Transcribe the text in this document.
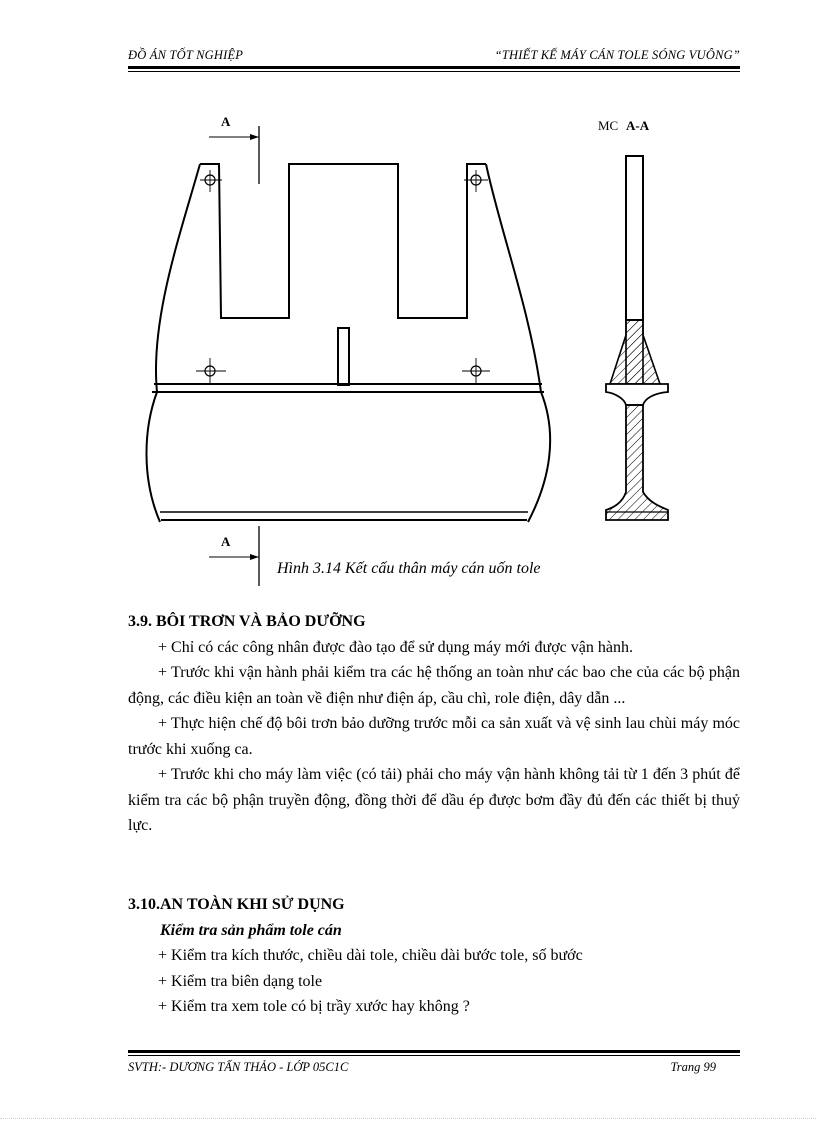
ĐỒ ÁN TỐT NGHIỆP	“THIẾT KẾ MÁY CÁN TOLE SÓNG VUÔNG”
A
A
MC A-A
Hình 3.14 Kết cấu thân máy cán uốn tole
3.9. BÔI TRƠN VÀ BẢO DƯỠNG
+ Chỉ có các công nhân được đào tạo để sử dụng máy mới được vận hành.
+ Trước khi vận hành phải kiểm tra các hệ thống an toàn như các bao che của các bộ phận động, các điều kiện an toàn về điện như điện áp, cầu chì, role điện, dây dẫn ...
+ Thực hiện chế độ bôi trơn bảo dưỡng trước mỗi ca sản xuất và vệ sinh lau chùi máy móc trước khi xuống ca.
+ Trước khi cho máy làm việc (có tải) phải cho máy vận hành không tải từ 1 đến 3 phút để kiểm tra các bộ phận truyền động, đồng thời để dầu ép được bơm đầy đủ đến các thiết bị thuỷ lực.
3.10.AN TOÀN KHI SỬ DỤNG
Kiểm tra sản phẩm tole cán
+ Kiểm tra kích thước, chiều dài tole, chiều dài bước tole, số bước
+ Kiểm tra biên dạng tole
+ Kiểm tra xem tole có bị trầy xước hay không ?
SVTH:- DƯƠNG TẤN THẢO - LỚP 05C1C	Trang 99
